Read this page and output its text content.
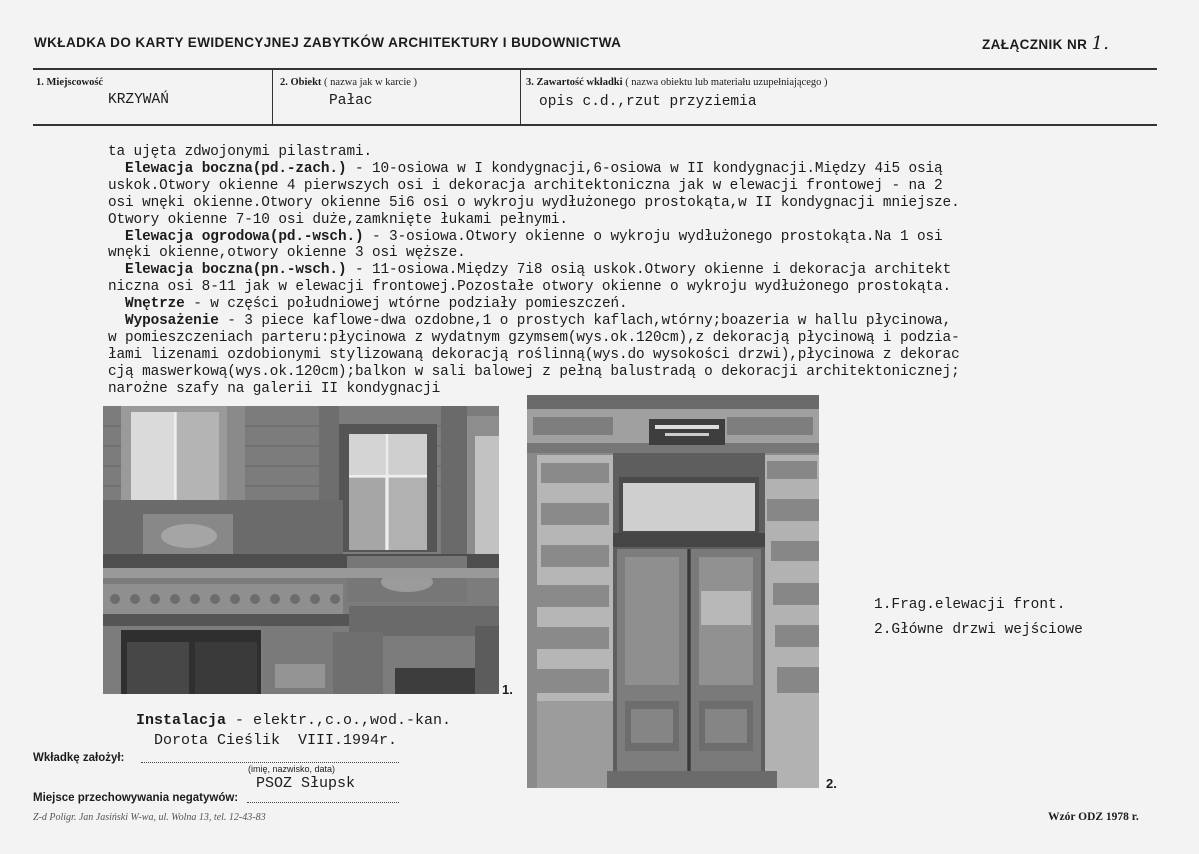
WKŁADKA DO KARTY EWIDENCYJNEJ ZABYTKÓW ARCHITEKTURY I BUDOWNICTWA	ZAŁĄCZNIK NR 1.
1. Miejscowość
KRZYWAŃ
2. Obiekt ( nazwa jak w karcie )
Pałac
3. Zawartość wkładki ( nazwa obiektu lub materiału uzupełniającego )
opis c.d.,rzut przyziemia
ta ujęta zdwojonymi pilastrami.
Elewacja boczna(pd.-zach.) - 10-osiowa w I kondygnacji,6-osiowa w II kondygnacji.Między 4i5 osią
uskok.Otwory okienne 4 pierwszych osi i dekoracja architektoniczna jak w elewacji frontowej - na 2
osi wnęki okienne.Otwory okienne 5i6 osi o wykroju wydłużonego prostokąta,w II kondygnacji mniejsze.
Otwory okienne 7-10 osi duże,zamknięte łukami pełnymi.
Elewacja ogrodowa(pd.-wsch.) - 3-osiowa.Otwory okienne o wykroju wydłużonego prostokąta.Na 1 osi
wnęki okienne,otwory okienne 3 osi węższe.
Elewacja boczna(pn.-wsch.) - 11-osiowa.Między 7i8 osią uskok.Otwory okienne i dekoracja architekt
niczna osi 8-11 jak w elewacji frontowej.Pozostałe otwory okienne o wykroju wydłużonego prostokąta.
Wnętrze - w części południowej wtórne podziały pomieszczeń.
Wyposażenie - 3 piece kaflowe-dwa ozdobne,1 o prostych kaflach,wtórny;boazeria w hallu płycinowa,
w pomieszczeniach parteru:płycinowa z wydatnym gzymsem(wys.ok.120cm),z dekoracją płycinową i podzia-
łami lizenami ozdobionymi stylizowaną dekoracją roślinną(wys.do wysokości drzwi),płycinowa z dekorac
cją maswerkową(wys.ok.120cm);balkon w sali balowej z pełną balustradą o dekoracji architektonicznej;
narożne szafy na galerii II kondygnacji
1.
2.
1.Frag.elewacji front.
2.Główne drzwi wejściowe
Instalacja - elektr.,c.o.,wod.-kan.
Dorota Cieślik  VIII.1994r.
Wkładkę założył:
(imię, nazwisko, data)
PSOZ Słupsk
Miejsce przechowywania negatywów:
Z-d Poligr. Jan Jasiński W-wa, ul. Wolna 13, tel. 12-43-83	Wzór ODZ 1978 r.
